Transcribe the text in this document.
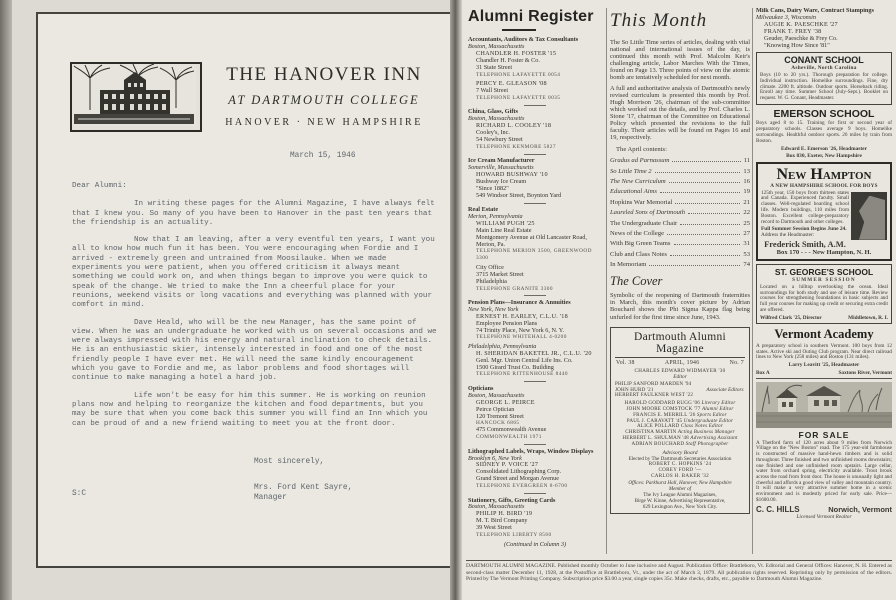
THE HANOVER INN
AT DARTMOUTH COLLEGE
HANOVER · NEW HAMPSHIRE
March 15, 1946
Dear Alumni:
In writing these pages for the Alumni Magazine, I have always felt that I knew you. So many of you have been to Hanover in the past ten years that the friendship is an actuality.
Now that I am leaving, after a very eventful ten years, I want you all to know how much fun it has been. You were encouraging when Fordie and I arrived - extremely green and untrained from Moosilauke. When we made experiments you were patient, when you offered criticism it always meant something we could work on, and when things began to improve you were quick to speak of the change. We tried to make the Inn a cheerful place for your reunions, weekend visits or long vacations and everything was planned with your comfort in mind.
Dave Heald, who will be the new Manager, has the same point of view. When he was an undergraduate he worked with us on several occasions and we were always impressed with his energy and natural inclination to check details. He is an enthusiastic skier, intensely interested in food and one of the most friendly people I have ever met. He will need the same kindly encouragement which you gave to Fordie and me, as labor problems and food shortages will continue to make managing a hotel a hard job.
Life won't be easy for him this summer. He is working on reunion plans now and helping to reorganize the kitchen and food departments, but you may be sure that when you come back this summer you will find an Inn which you can be proud of and a new friend waiting to meet you at the front door.
Most sincerely,
Mrs. Ford Kent Sayre,
Manager
S:C
Alumni Register
Accountants, Auditors & Tax Consultants
Boston, Massachusetts
CHANDLER H. FOSTER '15
Chandler H. Foster & Co.
31 State Street
TELEPHONE LAFAYETTE 0054
PERCY E. GLEASON '08
7 Wall Street
TELEPHONE LAFAYETTE 0035
China, Glass, Gifts
Boston, Massachusetts
RICHARD L. COOLEY '18
Cooley's, Inc.
54 Newbury Street
TELEPHONE KENMORE 5827
Ice Cream Manufacturer
Somerville, Massachusetts
HOWARD BUSHWAY '10
Bushway Ice Cream
"Since 1882"
549 Windsor Street, Boynton Yard
Real Estate
Merion, Pennsylvania
WILLIAM PUGH '25
Main Line Real Estate
Montgomery Avenue at Old Lancaster Road, Merion, Pa.
TELEPHONE MERION 3500, GREENWOOD 3300
City Office
3715 Market Street
Philadelphia
TELEPHONE GRANITE 3300
Pension Plans—Insurance & Annuities
New York, New York
ERNEST H. EARLEY, C.L.U. '18
Employee Pension Plans
74 Trinity Place, New York 6, N. Y.
TELEPHONE WHITEHALL 4-0200
Philadelphia, Pennsylvania
H. SHERIDAN BAKETEL JR., C.L.U. '20
Genl. Mgr. Union Central Life Ins. Co.
1500 Girard Trust Co. Building
TELEPHONE RITTENHOUSE 8440
Opticians
Boston, Massachusetts
GEORGE L. PEIRCE
Peirce Optician
120 Tremont Street
HANCOCK 6865
475 Commonwealth Avenue
COMMONWEALTH 1971
Lithographed Labels, Wraps, Window Displays
Brooklyn 6, New York
SIDNEY P. VOICE '27
Consolidated Lithographing Corp.
Grand Street and Morgan Avenue
TELEPHONE EVERGREEN 8-6700
Stationery, Gifts, Greeting Cards
Boston, Massachusetts
PHILIP H. BIRD '19
M. T. Bird Company
39 West Street
TELEPHONE LIBERTY 8560
(Continued in Column 3)
This Month
The So Little Time series of articles, dealing with vital national and international issues of the day, is continued this month with Prof. Malcolm Keir's challenging article, Labor Marches With the Times, found on Page 13. Three points of view on the atomic bomb are tentatively scheduled for next month.
A full and authoritative analysis of Dartmouth's newly revised curriculum is presented this month by Prof. Hugh Morrison '26, chairman of the sub-committee which worked out the details, and by Prof. Charles L. Stone '17, chairman of the Committee on Educational Policy which presented the revisions to the full faculty. Their articles will be found on Pages 16 and 19, respectively.
The April contents:
Gradus ad Parnassum	11
So Little Time 2	13
The New Curriculum	16
Educational Aims	19
Hopkins War Memorial	21
Laureled Sons of Dartmouth	22
The Undergraduate Chair	25
News of the College	27
With Big Green Teams	31
Club and Class Notes	53
In Memoriam	74
The Cover
Symbolic of the reopening of Dartmouth fraternities in March, this month's cover picture by Adrian Bouchard shows the Phi Sigma Kappa flag being unfurled for the first time since June, 1943.
Dartmouth Alumni Magazine
Vol. 38	APRIL, 1946	No. 7
CHARLES EDWARD WIDMAYER '30
Editor
PHILIP SANFORD MARDEN '94
JOHN HURD '21
HERBERT FAULKNER WEST '22
Associate Editors
HAROLD GODDARD RUGG '06 Literary Editor
JOHN MOORE COMSTOCK '77 Alumni Editor
FRANCIS E. MERRILL '26 Sports Editor
PAUL J. CARAVATT '45 Undergraduate Editor
ALICE POLLARD Class Notes Editor
CHRISTINA MARTIN Acting Business Manager
HERBERT L. SHULMAN '48 Advertising Assistant
ADRIAN BOUCHARD Staff Photographer
Advisory Board
Elected by The Dartmouth Secretaries Association
ROBERT C. HOPKINS '24
COREY FORD '—
CARLOS H. BAKER '32
Offices: Parkhurst Hall, Hanover, New Hampshire
Member of
The Ivy League Alumni Magazines,
Birge W. Kinne, Advertising Representative,
629 Lexington Ave., New York City.
Milk Cans, Dairy Ware, Contract Stampings
Milwaukee 3, Wisconsin
AUGIE K. PAESCHKE '27
FRANK T. FREY '38
Geuder, Paeschke & Frey Co.
"Knowing How Since '81"
CONANT SCHOOL
Asheville, North Carolina
Boys (10 to 20 yrs.). Thorough preparation for college. Individual instruction. Homelike surroundings. Fine, dry climate. 2200 ft. altitude. Outdoor sports. Horseback riding. Enroll any time. Summer School (July-Sept.). Booklet on request. W. G. Conant, Headmaster.
EMERSON SCHOOL
Boys aged 8 to 15. Training for first or second year of preparatory schools. Classes average 9 boys. Homelike surroundings. Healthful outdoor sports. 26 miles by train from Boston.
Edward E. Emerson '26, Headmaster
Box 830, Exeter, New Hampshire
New Hampton
A NEW HAMPSHIRE SCHOOL FOR BOYS
125th year, 150 boys from thirteen states and Canada. Experienced faculty. Small classes. Well-regulated boarding school life. Modern buildings, 110 miles from Boston. Excellent college-preparatory record to Dartmouth and other colleges.
Full Summer Session Begins June 24.
Address the Headmaster:
Frederick Smith, A.M.
Box 170 - - - New Hampton, N. H.
ST. GEORGE'S SCHOOL
SUMMER SESSION
Located on a hilltop overlooking the ocean. Ideal surroundings for both study and use of leisure time. Review courses for strengthening foundations in basic subjects and full year courses for making up credit or securing extra credit are offered.
Wilfred Clark '25, Director	Middletown, R. I.
Vermont Academy
A preparatory school in southern Vermont. 100 boys from 12 states. Active ski and Outing Club program. Near direct railroad lines to New York (258 miles) and Boston (131 miles).
Larry Leavitt '25, Headmaster
Box A	Saxtons River, Vermont
FOR SALE
A Thetford farm of 120 acres about 9 miles from Norwich Village on the "New Boston" road. The 175 year-old farmhouse is constructed of massive hand-hewn timbers and is solid throughout. Three finished and two unfinished rooms downstairs; one finished and one unfinished room upstairs. Large cellar, water from orchard spring, electricity available. Trout brook across the road from front door. The house is unusually light and cheerful and affords a good view of valley and mountain country. It will make a very attractive summer home in a scenic environment and is modestly priced for early sale. Price—$1600.00.
C. C. HILLS	Norwich, Vermont
Licensed Vermont Realtor
DARTMOUTH ALUMNI MAGAZINE. Published monthly October to June inclusive and August. Publication Office: Brattleboro, Vt. Editorial and General Offices: Hanover, N. H. Entered as second-class matter December 11, 1928, at the Postoffice at Brattleboro, Vt., under the act of March 3, 1879. All publication rights reserved. Reprinting only by permission of the editors. Printed by The Vermont Printing Company. Subscription price $3.00 a year, single copies 35c. Make checks, drafts, etc., payable to Dartmouth Alumni Magazine.
